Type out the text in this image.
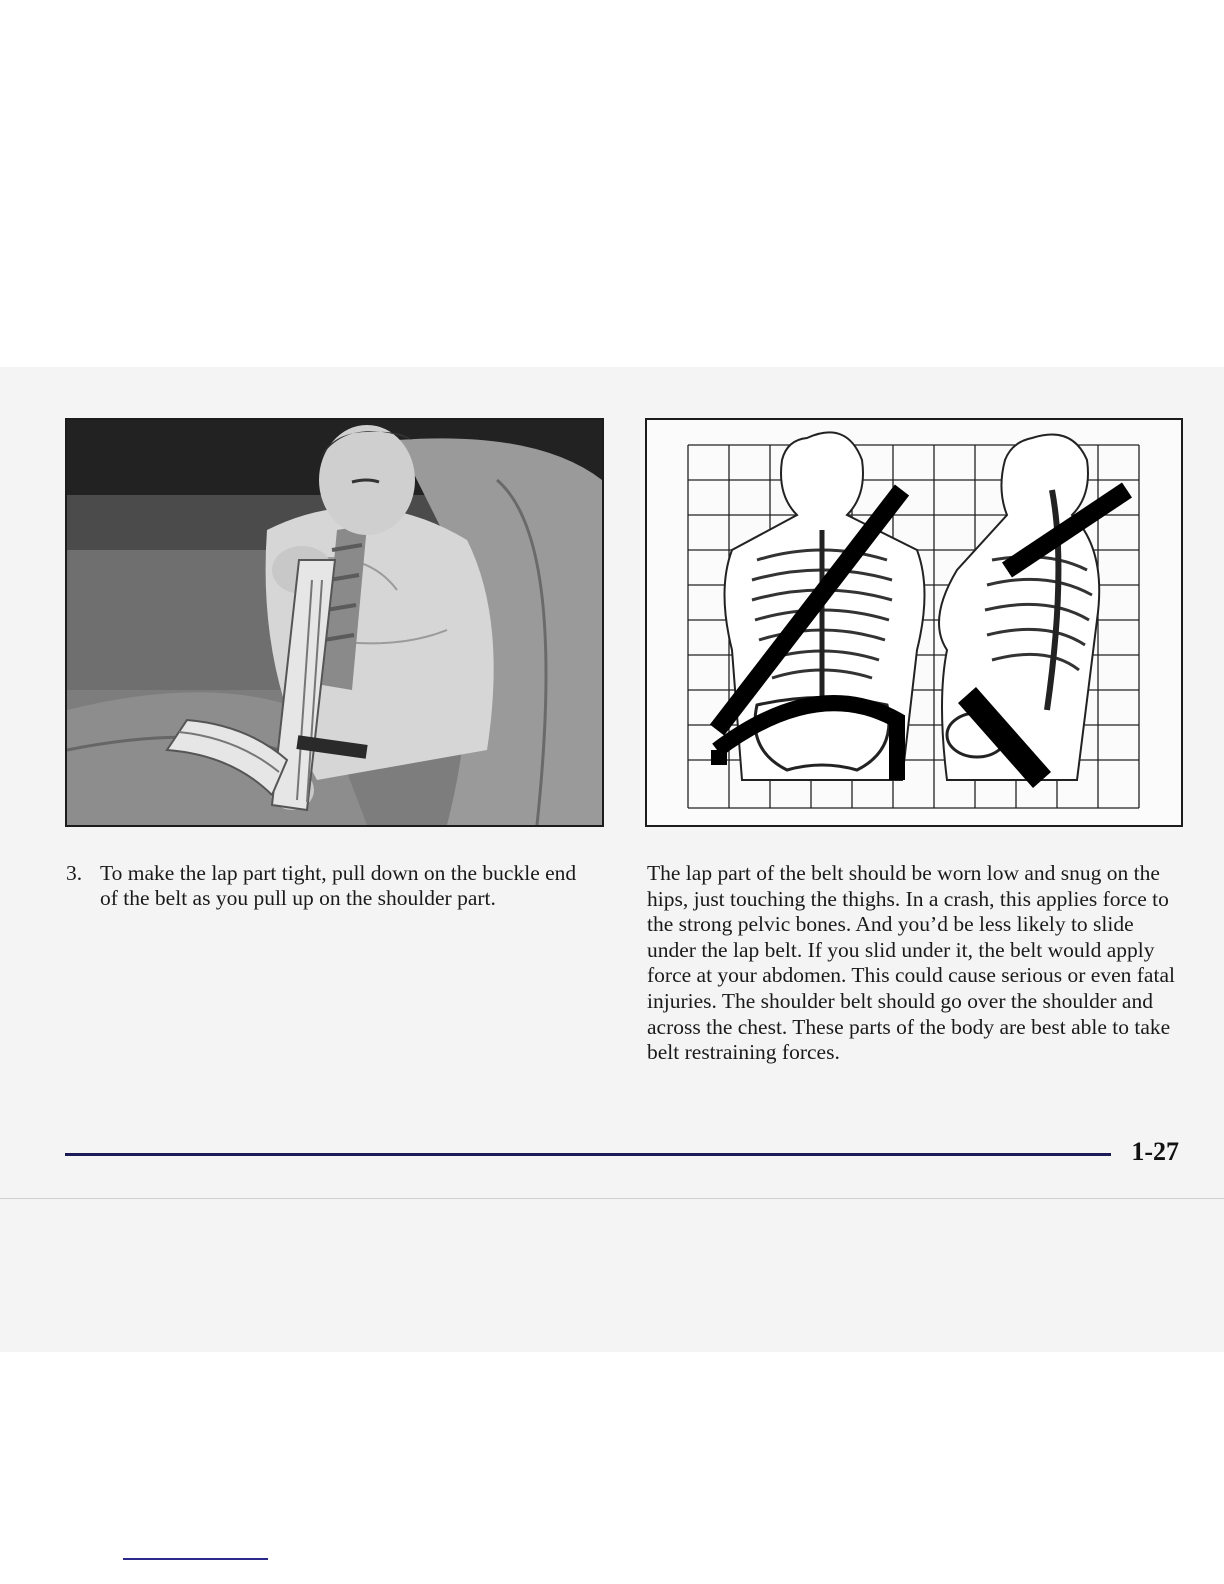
3. To make the lap part tight, pull down on the buckle end of the belt as you pull up on the shoulder part.

The lap part of the belt should be worn low and snug on the hips, just touching the thighs. In a crash, this applies force to the strong pelvic bones. And you’d be less likely to slide under the lap belt. If you slid under it, the belt would apply force at your abdomen. This could cause serious or even fatal injuries. The shoulder belt should go over the shoulder and across the chest. These parts of the body are best able to take belt restraining forces.

1-27
